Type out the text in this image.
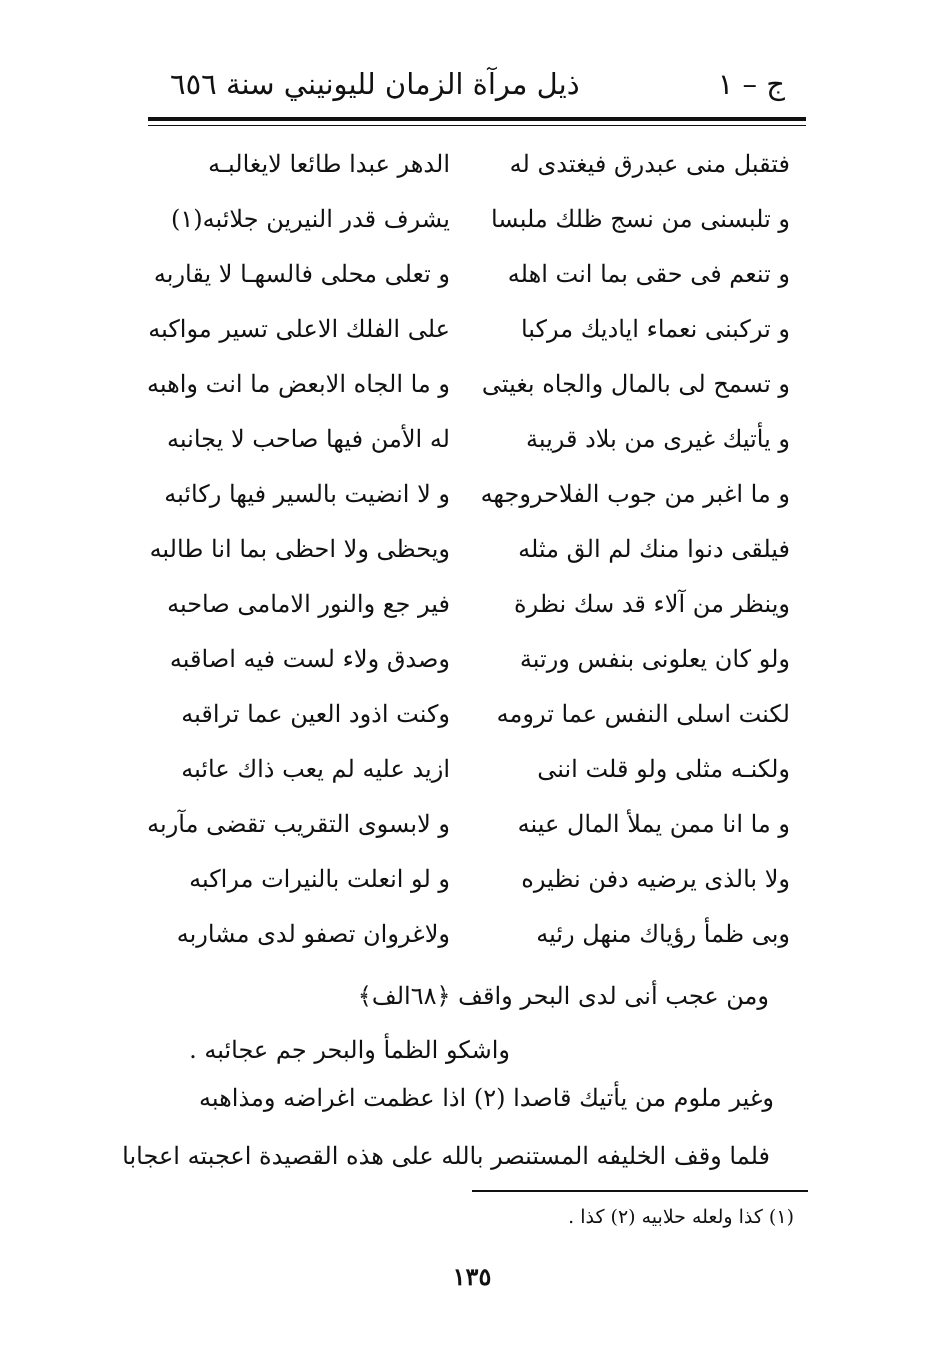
ذيل مرآة الزمان لليونيني سنة ٦٥٦	ج – ١
فتقبل منى عبدرق فيغتدى له
الدهر عبدا طائعا لايغالبـه
و تلبسنى من نسج ظلك ملبسا
يشرف قدر النيرين جلائبه(١)
و تنعم فى حقى بما انت اهله
و تعلى محلى فالسهـا لا يقاربه
و تركبنى نعماء اياديك مركبا
على الفلك الاعلى تسير مواكبه
و تسمح لى بالمال والجاه بغيتى
و ما الجاه الابعض ما انت واهبه
و يأتيك غيرى من بلاد قريبة
له الأمن فيها صاحب لا يجانبه
و ما اغبر من جوب الفلاحروجهه
و لا انضيت بالسير فيها ركائبه
فيلقى دنوا منك لم الق مثله
ويحظى ولا احظى بما انا طالبه
وينظر من آلاء قد سك نظرة
فير جع والنور الامامى صاحبه
ولو كان يعلونى بنفس ورتبة
وصدق ولاء لست فيه اصاقبه
لكنت اسلى النفس عما ترومه
وكنت اذود العين عما تراقبه
ولكنـه مثلى ولو قلت اننى
ازيد عليه لم يعب ذاك عائبه
و ما انا ممن يملأ المال عينه
و لابسوى التقريب تقضى مآربه
ولا بالذى يرضيه دفن نظيره
و لو انعلت بالنيرات مراكبه
وبى ظمأ رؤياك منهل رئيه
ولاغروان تصفو لدى مشاربه
ومن عجب أنى لدى البحر واقف ﴿٦٨الف﴾
واشكو الظمأ والبحر جم عجائبه .
وغير ملوم من يأتيك قاصدا (٢) اذا عظمت اغراضه ومذاهبه
فلما وقف الخليفه المستنصر بالله على هذه القصيدة اعجبته اعجابا
(١) كذا ولعله حلابيه (٢) كذا .
١٣٥
